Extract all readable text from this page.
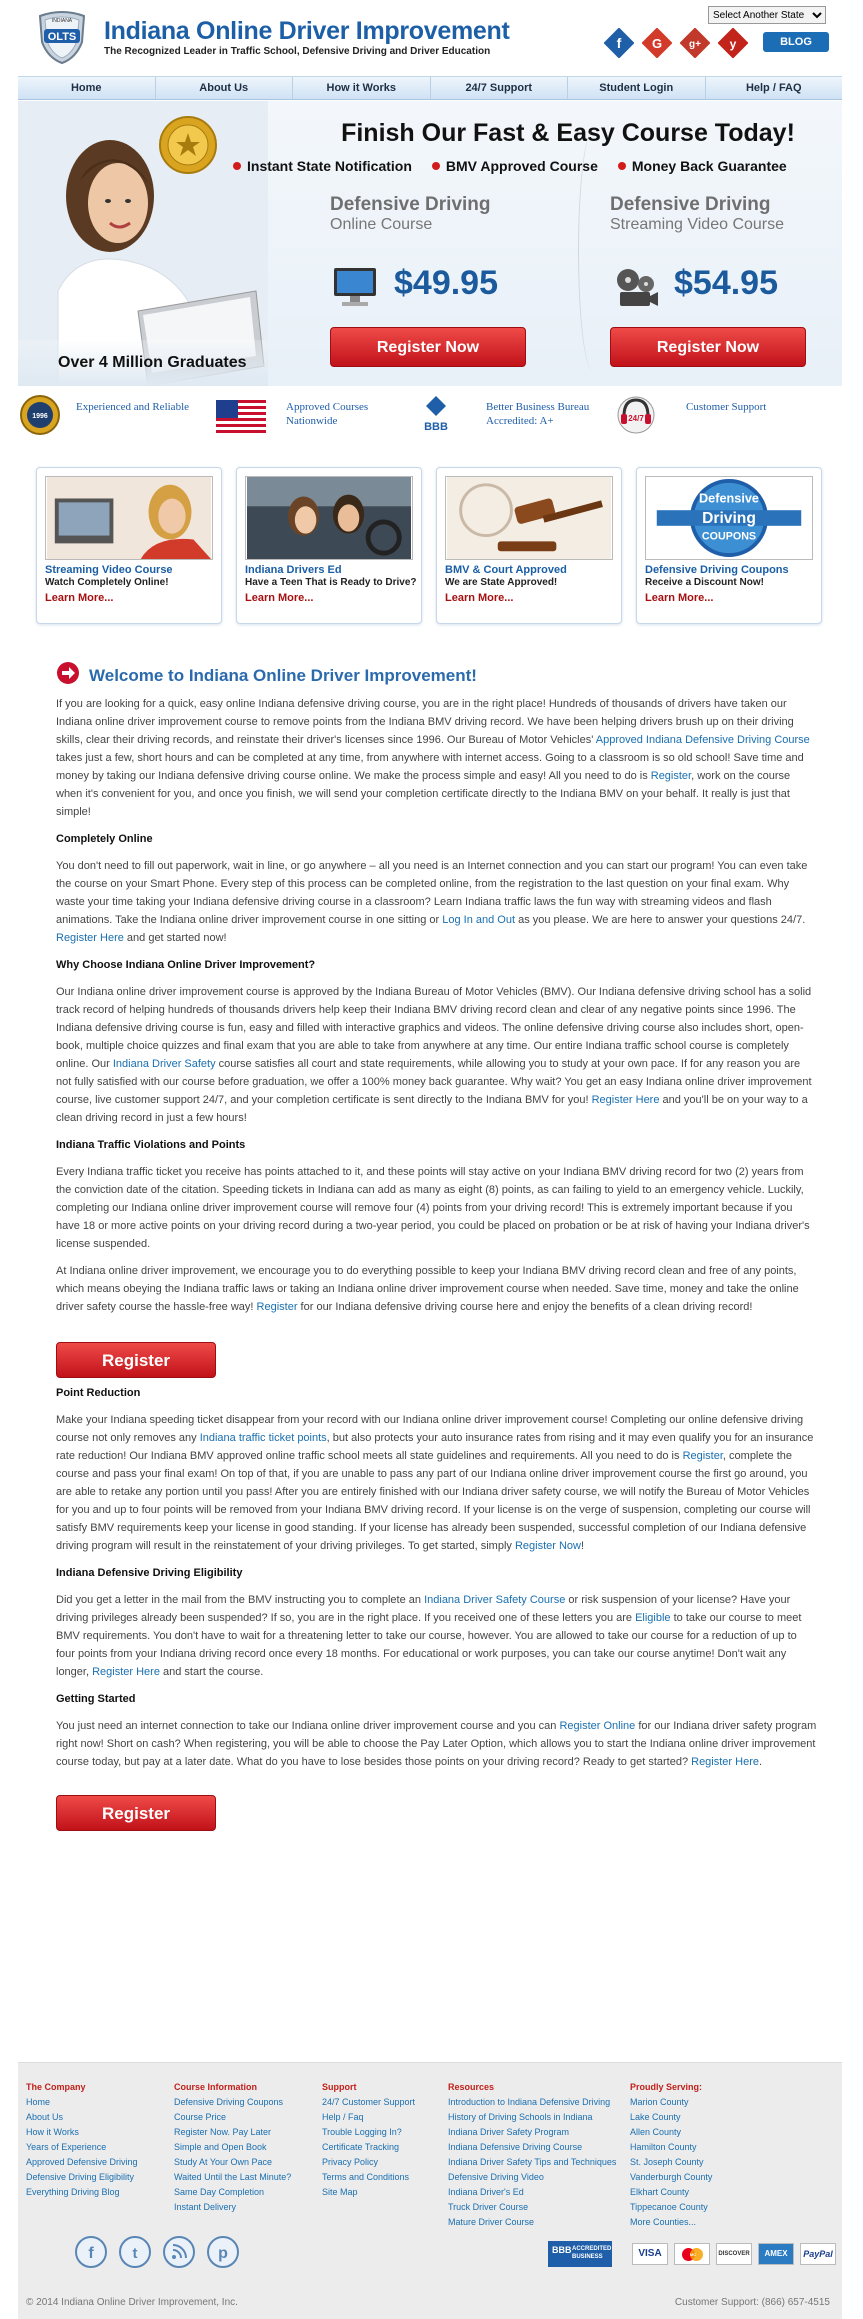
INDIANA
OLTS Indiana Online Driver Improvement
The Recognized Leader in Traffic School, Defensive Driving and Driver Education
Select Another State
f G	g+ y	BLOG
Home	About Us	How it Works	24/7 Support	Student Login	Help / FAQ
Finish Our Fast & Easy Course Today!
Instant State Notification	BMV Approved Course	Money Back Guarantee
Defensive Driving
Online Course
$49.95
Register Now
Defensive Driving
Streaming Video Course
$54.95
Register Now
Over 4 Million Graduates
1996
Experienced and Reliable	Approved Courses
Nationwide	BBB
Better Business Bureau
Accredited: A+	24/7
Customer Support
Streaming Video Course
Watch Completely Online!
Learn More...
Indiana Drivers Ed
Have a Teen That is Ready to Drive?
Learn More...
BMV & Court Approved
We are State Approved!
Learn More...
Defensive
Driving
COUPONS
Defensive Driving Coupons
Receive a Discount Now!
Learn More...
Welcome to Indiana Online Driver Improvement!

If you are looking for a quick, easy online Indiana defensive driving course, you are in the right place! Hundreds of thousands of drivers have taken our Indiana online driver improvement course to remove points from the Indiana BMV driving record. We have been helping drivers brush up on their driving skills, clear their driving records, and reinstate their driver's licenses since 1996. Our Bureau of Motor Vehicles' Approved Indiana Defensive Driving Course takes just a few, short hours and can be completed at any time, from anywhere with internet access. Going to a classroom is so old school! Save time and money by taking our Indiana defensive driving course online. We make the process simple and easy! All you need to do is Register, work on the course when it's convenient for you, and once you finish, we will send your completion certificate directly to the Indiana BMV on your behalf. It really is just that simple!

Completely Online

You don't need to fill out paperwork, wait in line, or go anywhere – all you need is an Internet connection and you can start our program! You can even take the course on your Smart Phone. Every step of this process can be completed online, from the registration to the last question on your final exam. Why waste your time taking your Indiana defensive driving course in a classroom? Learn Indiana traffic laws the fun way with streaming videos and flash animations. Take the Indiana online driver improvement course in one sitting or Log In and Out as you please. We are here to answer your questions 24/7. Register Here and get started now!

Why Choose Indiana Online Driver Improvement?

Our Indiana online driver improvement course is approved by the Indiana Bureau of Motor Vehicles (BMV). Our Indiana defensive driving school has a solid track record of helping hundreds of thousands drivers help keep their Indiana BMV driving record clean and clear of any negative points since 1996. The Indiana defensive driving course is fun, easy and filled with interactive graphics and videos. The online defensive driving course also includes short, open-book, multiple choice quizzes and final exam that you are able to take from anywhere at any time. Our entire Indiana traffic school course is completely online. Our Indiana Driver Safety course satisfies all court and state requirements, while allowing you to study at your own pace. If for any reason you are not fully satisfied with our course before graduation, we offer a 100% money back guarantee. Why wait? You get an easy Indiana online driver improvement course, live customer support 24/7, and your completion certificate is sent directly to the Indiana BMV for you! Register Here and you'll be on your way to a clean driving record in just a few hours!

Indiana Traffic Violations and Points

Every Indiana traffic ticket you receive has points attached to it, and these points will stay active on your Indiana BMV driving record for two (2) years from the conviction date of the citation. Speeding tickets in Indiana can add as many as eight (8) points, as can failing to yield to an emergency vehicle. Luckily, completing our Indiana online driver improvement course will remove four (4) points from your driving record! This is extremely important because if you have 18 or more active points on your driving record during a two-year period, you could be placed on probation or be at risk of having your Indiana driver's license suspended.

At Indiana online driver improvement, we encourage you to do everything possible to keep your Indiana BMV driving record clean and free of any points, which means obeying the Indiana traffic laws or taking an Indiana online driver improvement course when needed. Save time, money and take the online driver safety course the hassle-free way! Register for our Indiana defensive driving course here and enjoy the benefits of a clean driving record!

Register
Point Reduction

Make your Indiana speeding ticket disappear from your record with our Indiana online driver improvement course! Completing our online defensive driving course not only removes any Indiana traffic ticket points, but also protects your auto insurance rates from rising and it may even qualify you for an insurance rate reduction! Our Indiana BMV approved online traffic school meets all state guidelines and requirements. All you need to do is Register, complete the course and pass your final exam! On top of that, if you are unable to pass any part of our Indiana online driver improvement course the first go around, you are able to retake any portion until you pass! After you are entirely finished with our Indiana driver safety course, we will notify the Bureau of Motor Vehicles for you and up to four points will be removed from your Indiana BMV driving record. If your license is on the verge of suspension, completing our course will satisfy BMV requirements keep your license in good standing. If your license has already been suspended, successful completion of our Indiana defensive driving program will result in the reinstatement of your driving privileges. To get started, simply Register Now!

Indiana Defensive Driving Eligibility

Did you get a letter in the mail from the BMV instructing you to complete an Indiana Driver Safety Course or risk suspension of your license? Have your driving privileges already been suspended? If so, you are in the right place. If you received one of these letters you are Eligible to take our course to meet BMV requirements. You don't have to wait for a threatening letter to take our course, however. You are allowed to take our course for a reduction of up to four points from your Indiana driving record once every 18 months. For educational or work purposes, you can take our course anytime! Don't wait any longer, Register Here and start the course.

Getting Started

You just need an internet connection to take our Indiana online driver improvement course and you can Register Online for our Indiana driver safety program right now! Short on cash? When registering, you will be able to choose the Pay Later Option, which allows you to start the Indiana online driver improvement course today, but pay at a later date. What do you have to lose besides those points on your driving record? Ready to get started? Register Here.

Register
The Company
Home
About Us
How it Works
Years of Experience
Approved Defensive Driving
Defensive Driving Eligibility
Everything Driving Blog
Course Information
Defensive Driving Coupons
Course Price
Register Now. Pay Later
Simple and Open Book
Study At Your Own Pace
Waited Until the Last Minute?
Same Day Completion
Instant Delivery
Support
24/7 Customer Support
Help / Faq
Trouble Logging In?
Certificate Tracking
Privacy Policy
Terms and Conditions
Site Map
Resources
Introduction to Indiana Defensive Driving
History of Driving Schools in Indiana
Indiana Driver Safety Program
Indiana Defensive Driving Course
Indiana Driver Safety Tips and Techniques
Defensive Driving Video
Indiana Driver's Ed
Truck Driver Course
Mature Driver Course
Proudly Serving:
Marion County
Lake County
Allen County
Hamilton County
St. Joseph County
Vanderburgh County
Elkhart County
Tippecanoe County
More Counties...
f	t	p	BBB ACCREDITED BUSINESS	VISA	MC	DISCOVER	AMEX	PayPal
© 2014 Indiana Online Driver Improvement, Inc.	Customer Support: (866) 657-4515
